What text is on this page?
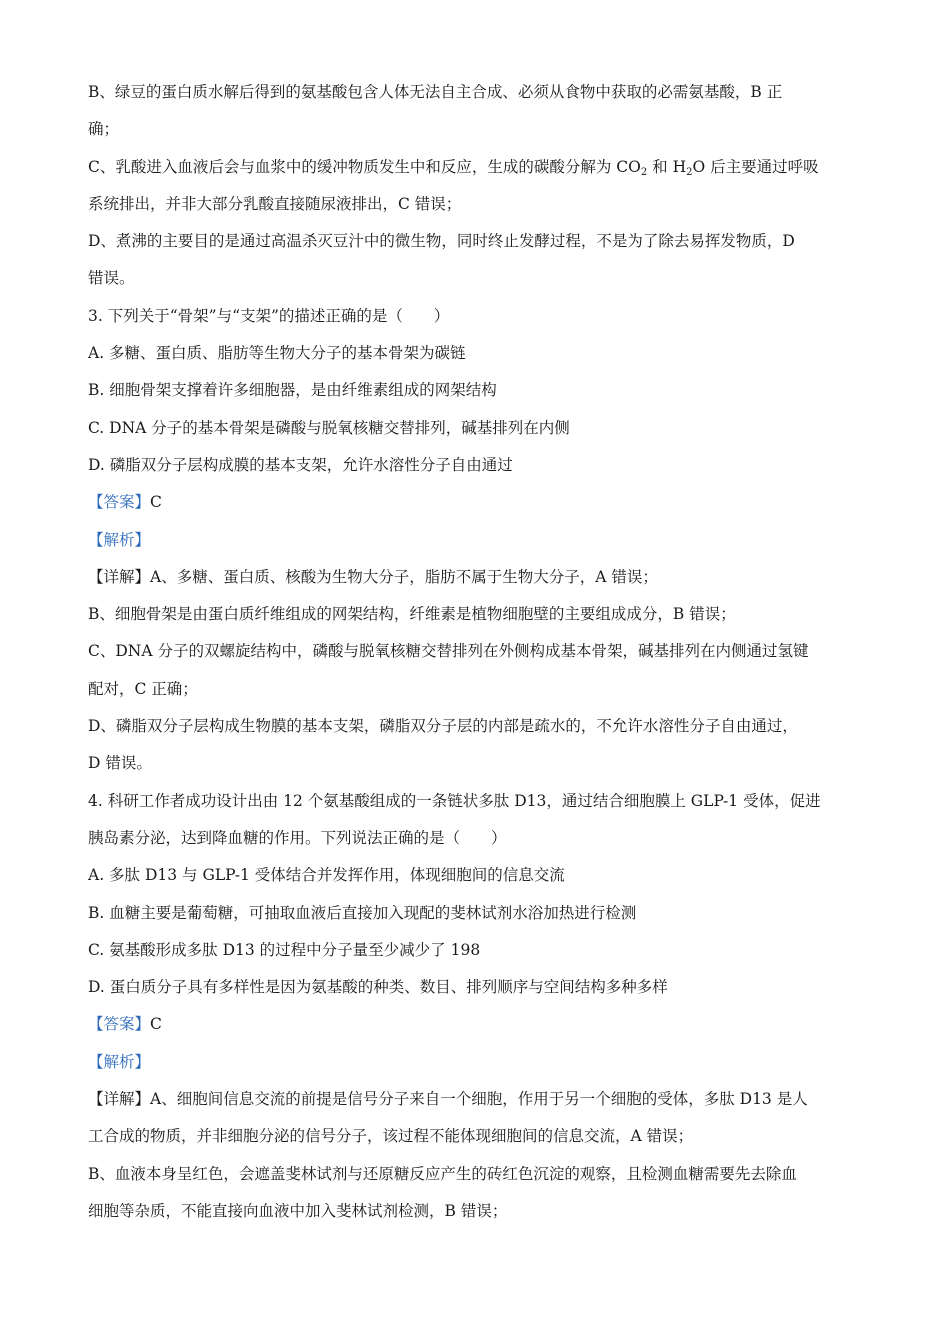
B、绿豆的蛋白质水解后得到的氨基酸包含人体无法自主合成、必须从食物中获取的必需氨基酸，B 正
确；
C、乳酸进入血液后会与血浆中的缓冲物质发生中和反应，生成的碳酸分解为 $CO_2$ 和 $H_2O$ 后主要通过呼吸
系统排出，并非大部分乳酸直接随尿液排出，C 错误；
D、煮沸的主要目的是通过高温杀灭豆汁中的微生物，同时终止发酵过程，不是为了除去易挥发物质，D
错误。
3. 下列关于“骨架”与“支架”的描述正确的是（　　）
A. 多糖、蛋白质、脂肪等生物大分子的基本骨架为碳链
B. 细胞骨架支撑着许多细胞器，是由纤维素组成的网架结构
C. DNA 分子的基本骨架是磷酸与脱氧核糖交替排列，碱基排列在内侧
D. 磷脂双分子层构成膜的基本支架，允许水溶性分子自由通过
【答案】C
【解析】
【详解】A、多糖、蛋白质、核酸为生物大分子，脂肪不属于生物大分子，A 错误；
B、细胞骨架是由蛋白质纤维组成的网架结构，纤维素是植物细胞壁的主要组成成分，B 错误；
C、DNA 分子的双螺旋结构中，磷酸与脱氧核糖交替排列在外侧构成基本骨架，碱基排列在内侧通过氢键
配对，C 正确；
D、磷脂双分子层构成生物膜的基本支架，磷脂双分子层的内部是疏水的，不允许水溶性分子自由通过，
D 错误。
4. 科研工作者成功设计出由 12 个氨基酸组成的一条链状多肽 D13，通过结合细胞膜上 GLP-1 受体，促进
胰岛素分泌，达到降血糖的作用。下列说法正确的是（　　）
A. 多肽 D13 与 GLP-1 受体结合并发挥作用，体现细胞间的信息交流
B. 血糖主要是葡萄糖，可抽取血液后直接加入现配的斐林试剂水浴加热进行检测
C. 氨基酸形成多肽 D13 的过程中分子量至少减少了 198
D. 蛋白质分子具有多样性是因为氨基酸的种类、数目、排列顺序与空间结构多种多样
【答案】C
【解析】
【详解】A、细胞间信息交流的前提是信号分子来自一个细胞，作用于另一个细胞的受体，多肽 D13 是人
工合成的物质，并非细胞分泌的信号分子，该过程不能体现细胞间的信息交流，A 错误；
B、血液本身呈红色，会遮盖斐林试剂与还原糖反应产生的砖红色沉淀的观察，且检测血糖需要先去除血
细胞等杂质，不能直接向血液中加入斐林试剂检测，B 错误；
